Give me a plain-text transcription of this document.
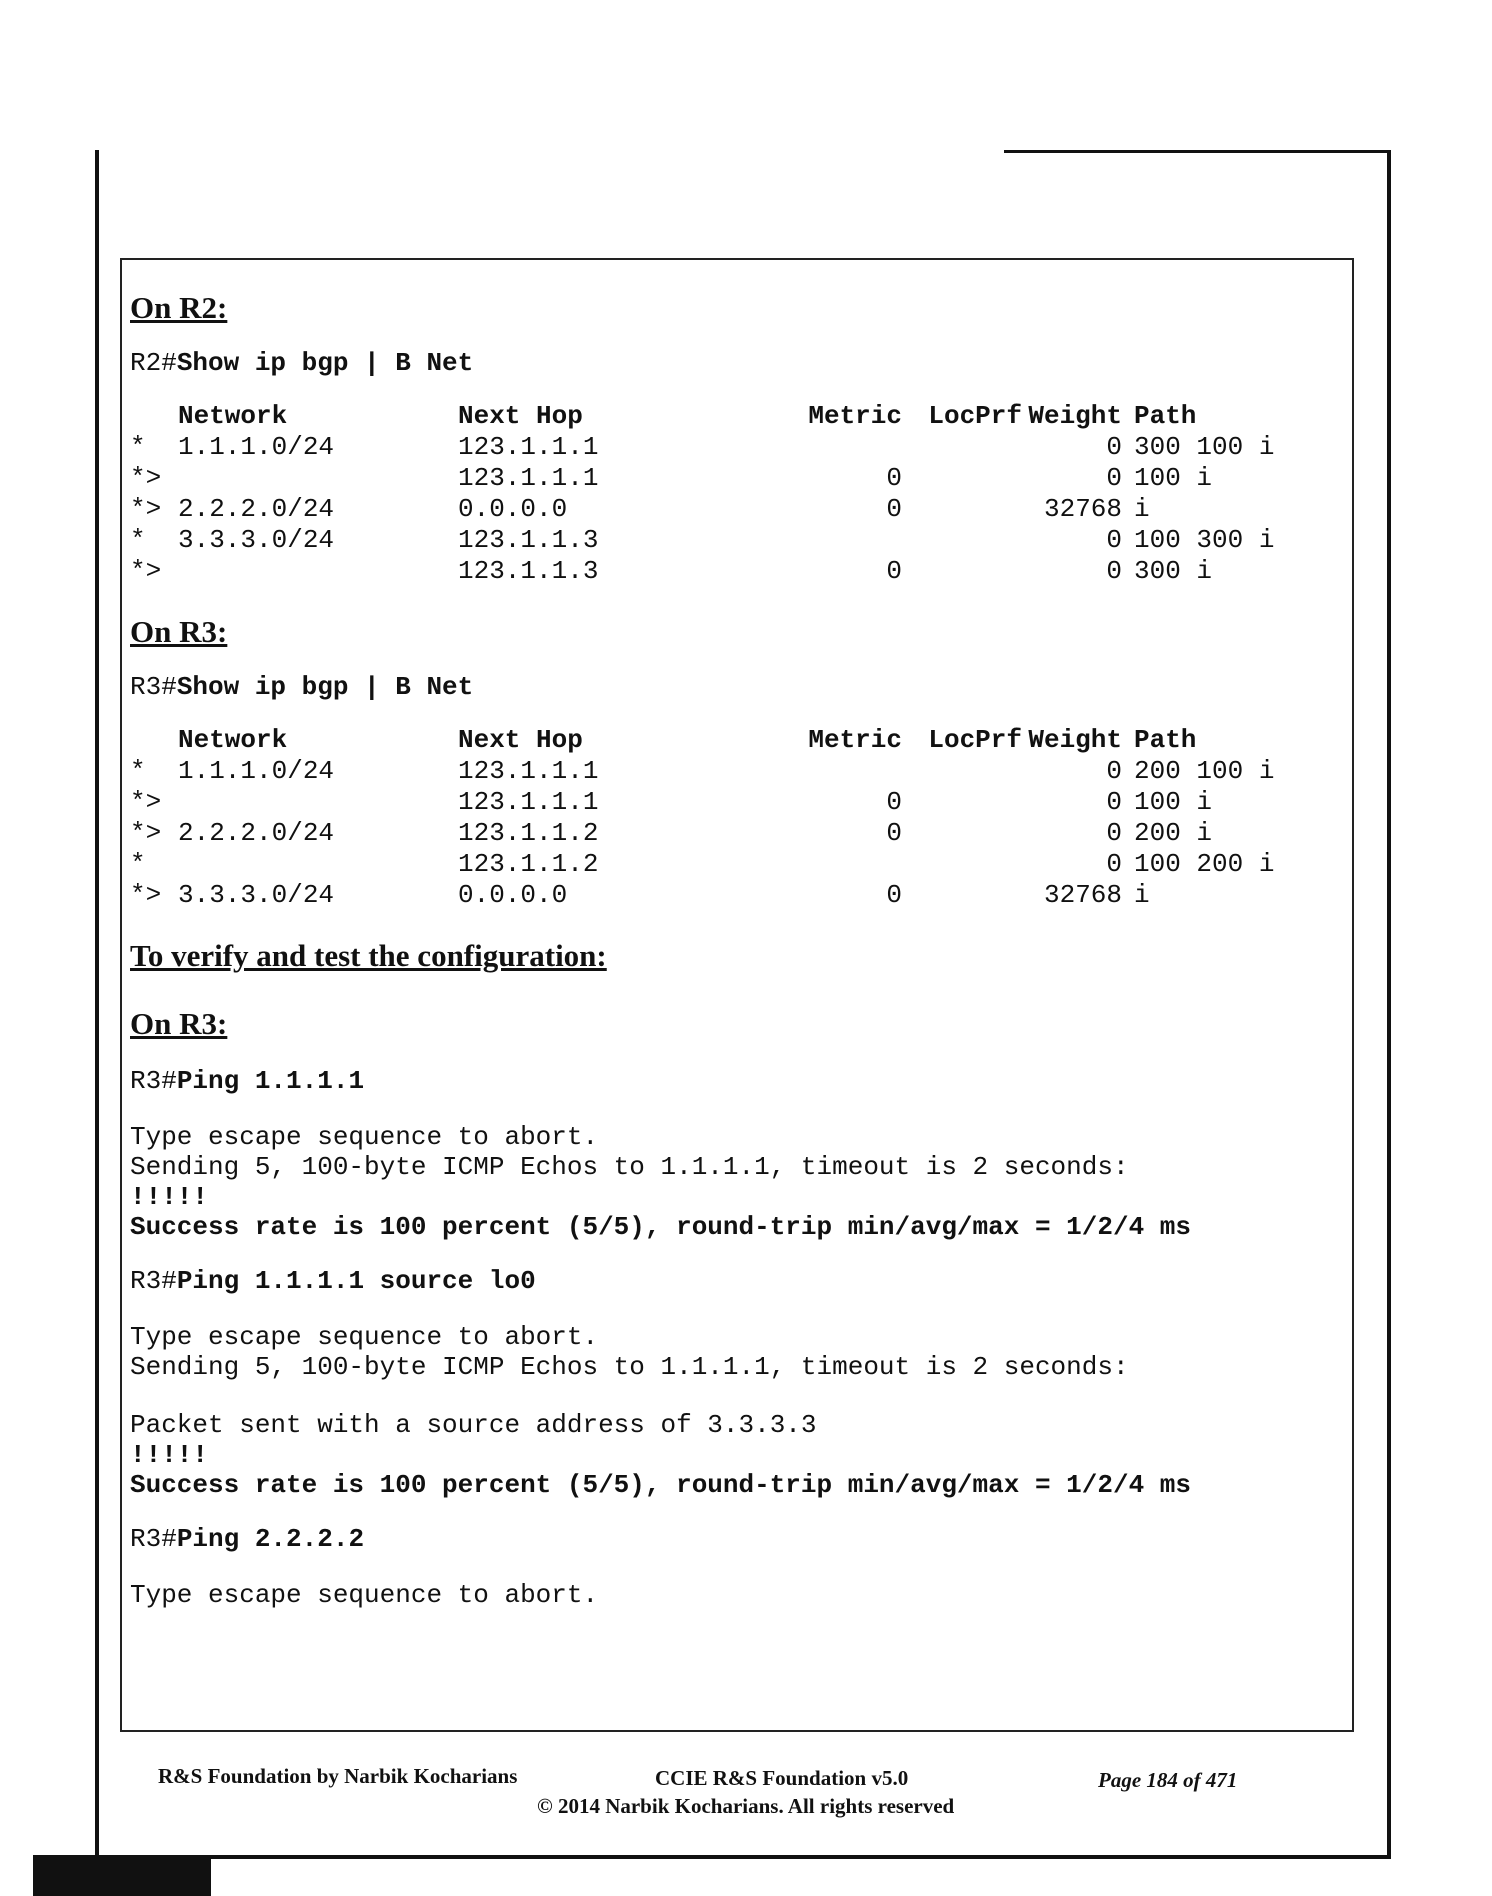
On R2:

R2#Show ip bgp | B Net

	Network	Next Hop	Metric	LocPrf	Weight	Path
*	1.1.1.0/24	123.1.1.1			0	300 100 i
*>		123.1.1.1	0		0	100 i
*>	2.2.2.0/24	0.0.0.0	0		32768	i
*	3.3.3.0/24	123.1.1.3			0	100 300 i
*>		123.1.1.3	0		0	300 i

On R3:

R3#Show ip bgp | B Net

	Network	Next Hop	Metric	LocPrf	Weight	Path
*	1.1.1.0/24	123.1.1.1			0	200 100 i
*>		123.1.1.1	0		0	100 i
*>	2.2.2.0/24	123.1.1.2	0		0	200 i
*		123.1.1.2			0	100 200 i
*>	3.3.3.0/24	0.0.0.0	0		32768	i

To verify and test the configuration:

On R3:

R3#Ping 1.1.1.1

Type escape sequence to abort.

Sending 5, 100-byte ICMP Echos to 1.1.1.1, timeout is 2 seconds:

!!!!!

Success rate is 100 percent (5/5), round-trip min/avg/max = 1/2/4 ms

R3#Ping 1.1.1.1 source lo0

Type escape sequence to abort.

Sending 5, 100-byte ICMP Echos to 1.1.1.1, timeout is 2 seconds:

Packet sent with a source address of 3.3.3.3

!!!!!

Success rate is 100 percent (5/5), round-trip min/avg/max = 1/2/4 ms

R3#Ping 2.2.2.2

Type escape sequence to abort.

R&S Foundation by Narbik Kocharians	CCIE R&S Foundation v5.0	Page 184 of 471
© 2014 Narbik Kocharians. All rights reserved
